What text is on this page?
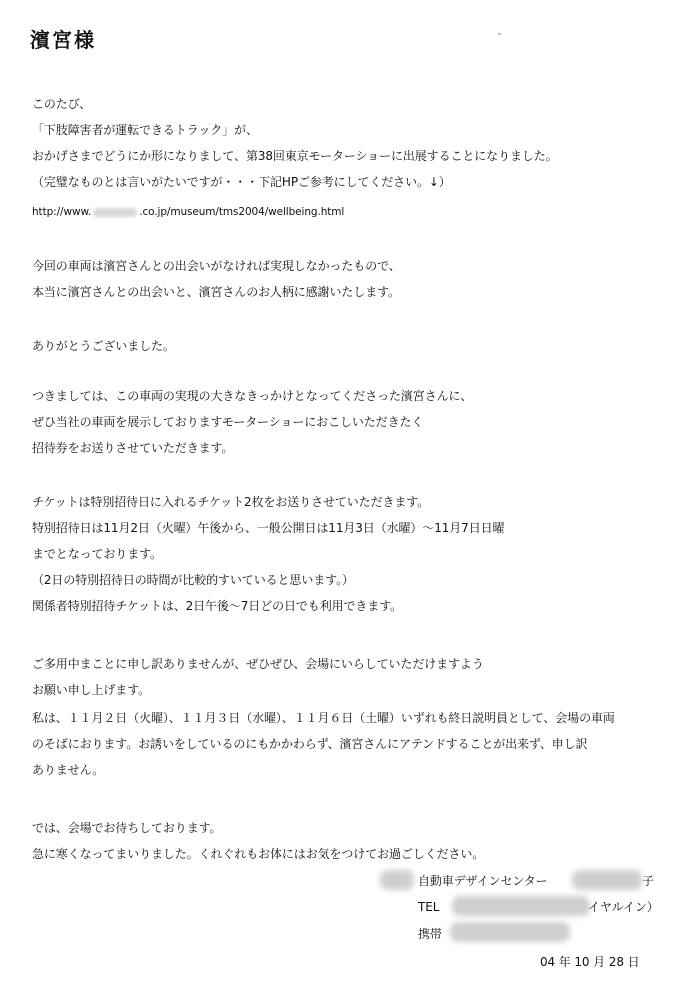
濱宮様
このたび、
「下肢障害者が運転できるトラック」が、
おかげさまでどうにか形になりまして、第38回東京モーターショーに出展することになりました。
（完璧なものとは言いがたいですが・・・下記HPご参考にしてください。↓）
http://www.	.co.jp/museum/tms2004/wellbeing.html
今回の車両は濱宮さんとの出会いがなければ実現しなかったもので、
本当に濱宮さんとの出会いと、濱宮さんのお人柄に感謝いたします。
ありがとうございました。
つきましては、この車両の実現の大きなきっかけとなってくださった濱宮さんに、
ぜひ当社の車両を展示しておりますモーターショーにおこしいただきたく
招待券をお送りさせていただきます。
チケットは特別招待日に入れるチケット2枚をお送りさせていただきます。
特別招待日は11月2日（火曜）午後から、一般公開日は11月3日（水曜）〜11月7日日曜
までとなっております。
（2日の特別招待日の時間が比較的すいていると思います。）
関係者特別招待チケットは、2日午後〜7日どの日でも利用できます。
ご多用中まことに申し訳ありませんが、ぜひぜひ、会場にいらしていただけますよう
お願い申し上げます。
私は、１１月２日（火曜）、１１月３日（水曜）、１１月６日（土曜）いずれも終日説明員として、会場の車両
のそばにおります。お誘いをしているのにもかかわらず、濱宮さんにアテンドすることが出来ず、申し訳
ありません。
では、会場でお待ちしております。
急に寒くなってまいりました。くれぐれもお体にはお気をつけてお過ごしください。
自動車デザインセンター	子
TEL	イヤルイン）
携帯
04 年 10 月 28 日
